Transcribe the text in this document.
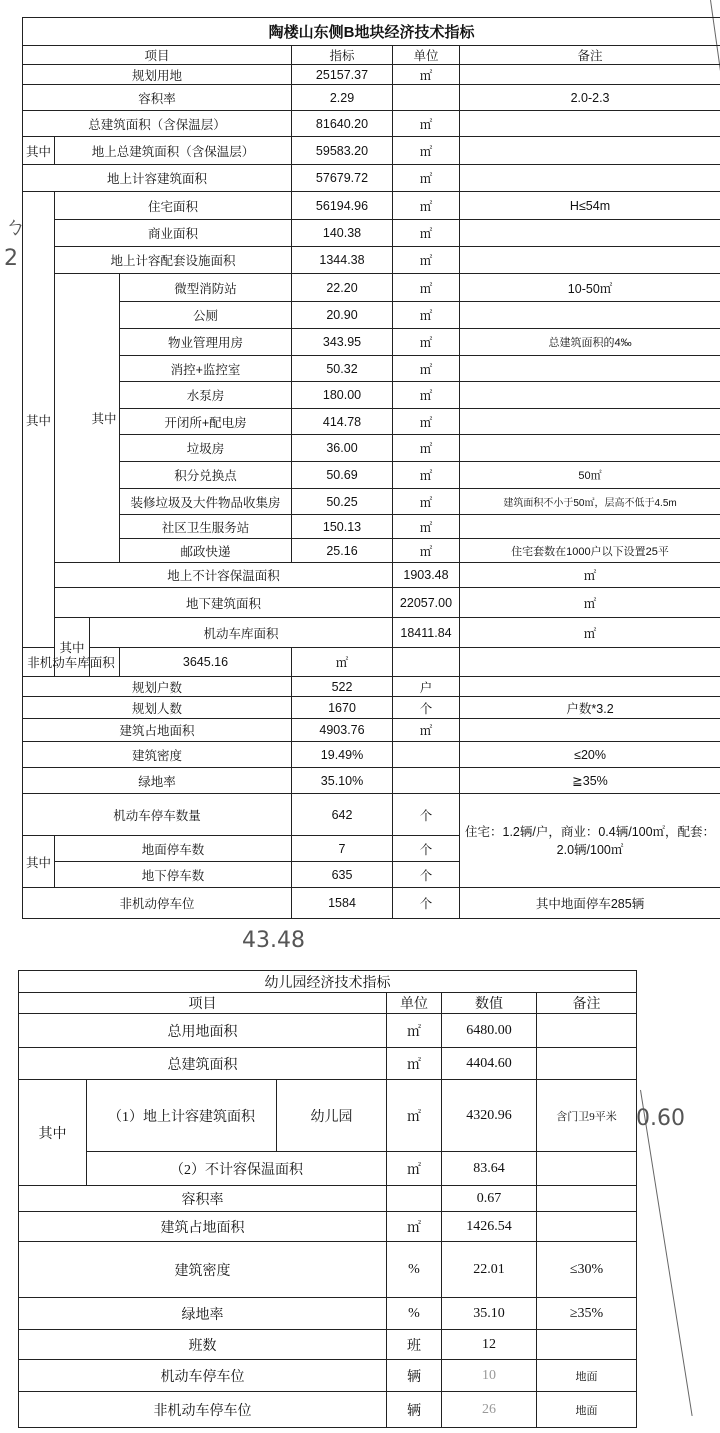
ㄅ
2
43.48
0.60
陶楼山东侧B地块经济技术指标							
项目				指标	单位	备注	
规划用地				25157.37	㎡		
容积率				2.29		2.0-2.3	
总建筑面积（含保温层）				81640.20	㎡		
其中	地上总建筑面积（含保温层）			59583.20	㎡		
地上计容建筑面积				57679.72	㎡		
其中	住宅面积			56194.96	㎡	H≤54m	
	商业面积			140.38	㎡		
	地上计容配套设施面积			1344.38	㎡		
		其中	微型消防站	22.20	㎡	10-50㎡	
			公厕	20.90	㎡		
			物业管理用房	343.95	㎡	总建筑面积的4‰	
			消控+监控室	50.32	㎡		
			水泵房	180.00	㎡		
			开闭所+配电房	414.78	㎡		
			垃圾房	36.00	㎡		
			积分兑换点	50.69	㎡	50㎡	
			装修垃圾及大件物品收集房	50.25	㎡	建筑面积不小于50㎡，层高不低于4.5m	
			社区卫生服务站	150.13	㎡		
			邮政快递	25.16	㎡	住宅套数在1000户以下设置25平	
	地上不计容保温面积				1903.48	㎡	
	地下建筑面积				22057.00	㎡	
	其中	机动车库面积			18411.84	㎡	
非机动车库面积			3645.16	㎡			
规划户数				522	户		
规划人数				1670	个	户数*3.2	
建筑占地面积				4903.76	㎡		
建筑密度				19.49%		≤20%	
绿地率				35.10%		≧35%	
机动车停车数量				642	个	住宅：1.2辆/户，商业：0.4辆/100㎡，配套：2.0辆/100㎡	
其中	地面停车数			7	个		
	地下停车数			635	个		
非机动停车位				1584	个	其中地面停车285辆	
幼儿园经济技术指标					
项目			单位	数值	备注
总用地面积			㎡	6480.00	
总建筑面积			㎡	4404.60	
其中	（1）地上计容建筑面积	幼儿园	㎡	4320.96	含门卫9平米
	（2）不计容保温面积		㎡	83.64	
容积率				0.67	
建筑占地面积			㎡	1426.54	
建筑密度			%	22.01	≤30%
绿地率			%	35.10	≥35%
班数			班	12	
机动车停车位			辆	10	地面
非机动车停车位			辆	26	地面
